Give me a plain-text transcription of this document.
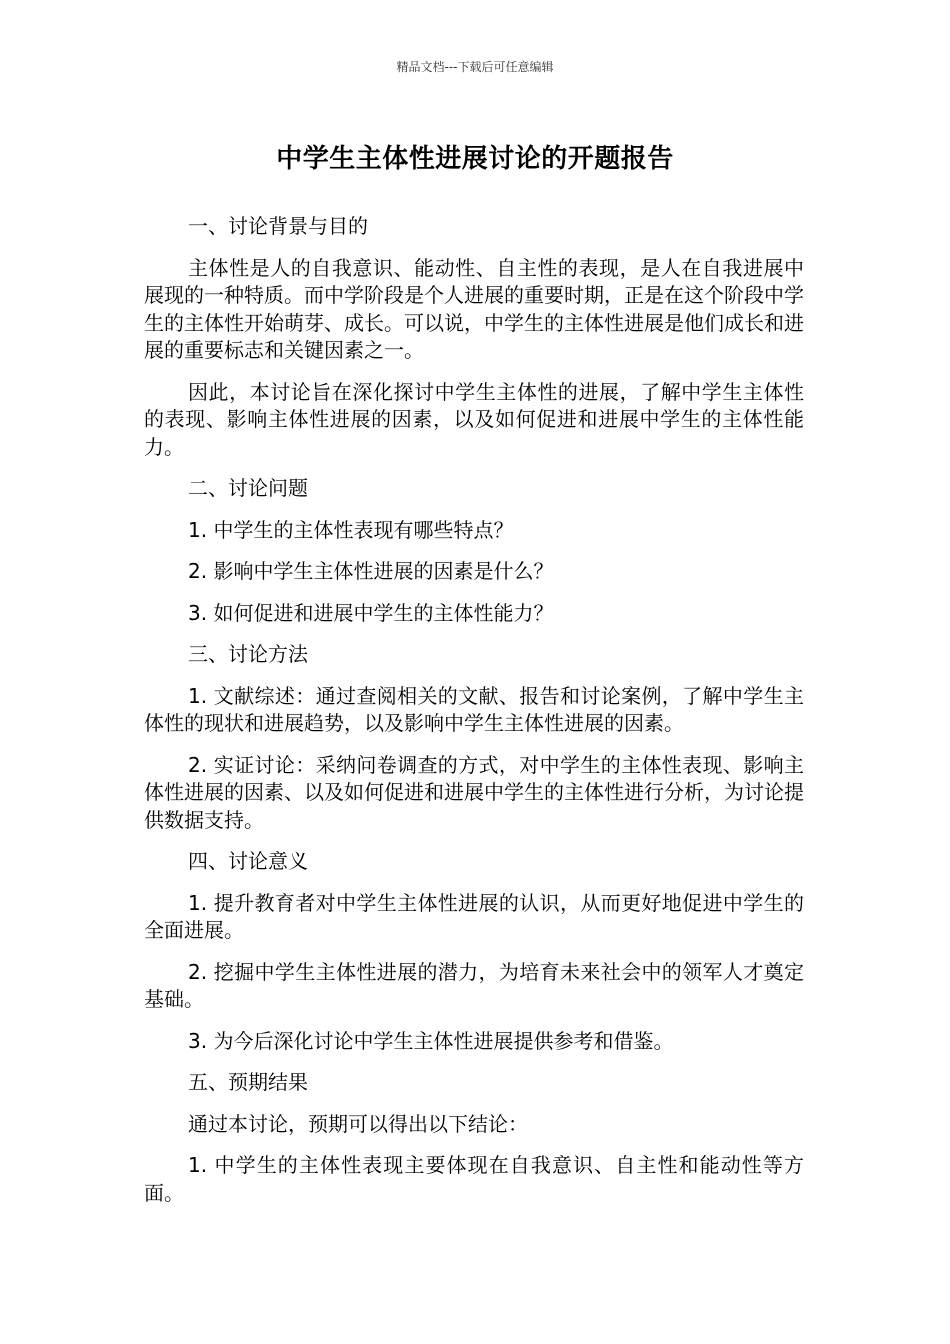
精品文档---下载后可任意编辑
中学生主体性进展讨论的开题报告

一、讨论背景与目的

主体性是人的自我意识、能动性、自主性的表现，是人在自我进展中展现的一种特质。而中学阶段是个人进展的重要时期，正是在这个阶段中学生的主体性开始萌芽、成长。可以说，中学生的主体性进展是他们成长和进展的重要标志和关键因素之一。

因此，本讨论旨在深化探讨中学生主体性的进展，了解中学生主体性的表现、影响主体性进展的因素，以及如何促进和进展中学生的主体性能力。

二、讨论问题

1. 中学生的主体性表现有哪些特点？

2. 影响中学生主体性进展的因素是什么？

3. 如何促进和进展中学生的主体性能力？

三、讨论方法

1. 文献综述：通过查阅相关的文献、报告和讨论案例，了解中学生主体性的现状和进展趋势，以及影响中学生主体性进展的因素。

2. 实证讨论：采纳问卷调查的方式，对中学生的主体性表现、影响主体性进展的因素、以及如何促进和进展中学生的主体性进行分析，为讨论提供数据支持。

四、讨论意义

1. 提升教育者对中学生主体性进展的认识，从而更好地促进中学生的全面进展。

2. 挖掘中学生主体性进展的潜力，为培育未来社会中的领军人才奠定基础。

3. 为今后深化讨论中学生主体性进展提供参考和借鉴。

五、预期结果

通过本讨论，预期可以得出以下结论：

1. 中学生的主体性表现主要体现在自我意识、自主性和能动性等方面。
